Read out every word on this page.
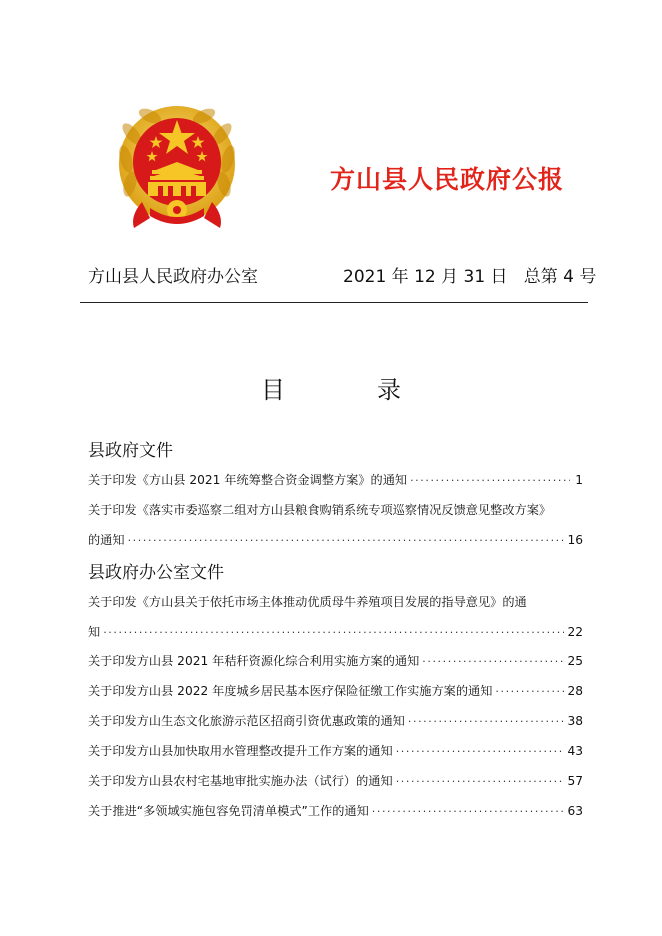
方山县人民政府公报
方山县人民政府办公室	2021 年 12 月 31 日   总第 4 号
目录
县政府文件
关于印发《方山县 2021 年统筹整合资金调整方案》的通知 ·····	1
关于印发《落实市委巡察二组对方山县粮食购销系统专项巡察情况反馈意见整改方案》
的通知 ·····	16
县政府办公室文件
关于印发《方山县关于依托市场主体推动优质母牛养殖项目发展的指导意见》的通
知 ·····	22
关于印发方山县 2021 年秸秆资源化综合利用实施方案的通知 ·····	25
关于印发方山县 2022 年度城乡居民基本医疗保险征缴工作实施方案的通知 ·····	28
关于印发方山生态文化旅游示范区招商引资优惠政策的通知 ·····	38
关于印发方山县加快取用水管理整改提升工作方案的通知 ·····	43
关于印发方山县农村宅基地审批实施办法（试行）的通知 ·····	57
关于推进“多领域实施包容免罚清单模式”工作的通知 ·····	63
